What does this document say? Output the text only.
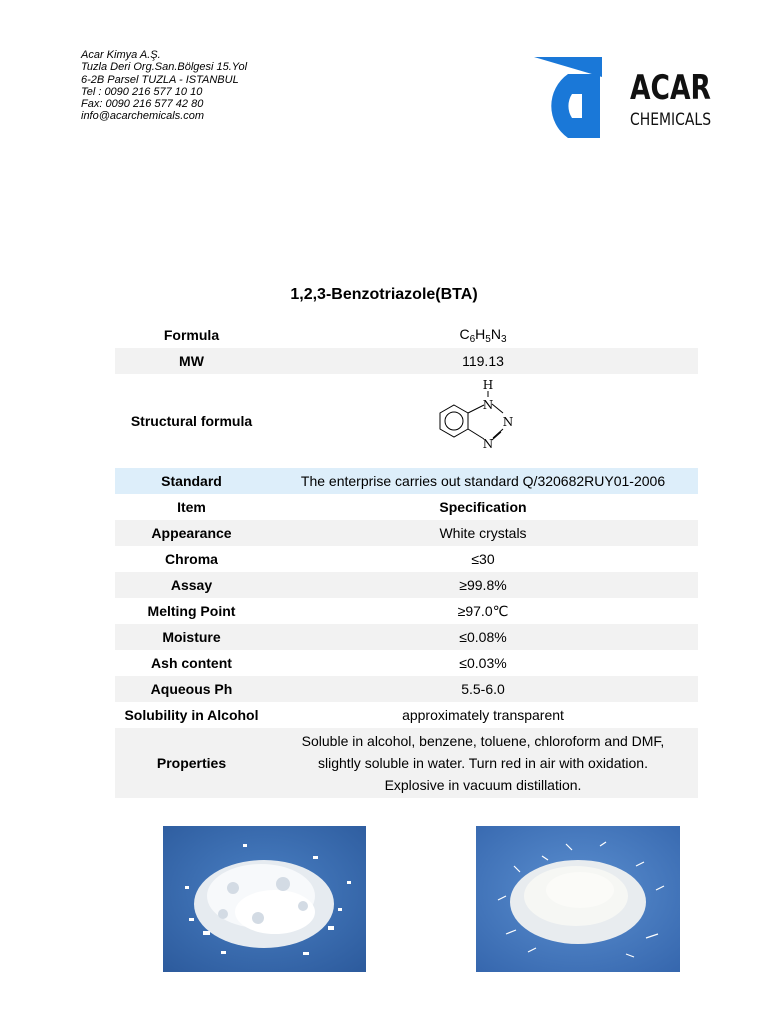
Acar Kimya A.Ş.
Tuzla Deri Org.San.Bölgesi 15.Yol
6-2B Parsel TUZLA - ISTANBUL
Tel : 0090 216 577 10 10
Fax: 0090 216 577 42 80
info@acarchemicals.com
ACAR
CHEMICALS
1,2,3-Benzotriazole(BTA)
Formula	$C_6H_5N_3$
MW	119.13
Structural formula	H
N
N
N

Standard	The enterprise carries out standard Q/320682RUY01-2006
Item	Specification
Appearance	White crystals
Chroma	≤30
Assay	≥99.8%
Melting Point	≥97.0℃
Moisture	≤0.08%
Ash content	≤0.03%
Aqueous Ph	5.5-6.0
Solubility in Alcohol	approximately transparent
Properties	Soluble in alcohol, benzene, toluene, chloroform and DMF,
slightly soluble in water. Turn red in air with oxidation.
Explosive in vacuum distillation.
